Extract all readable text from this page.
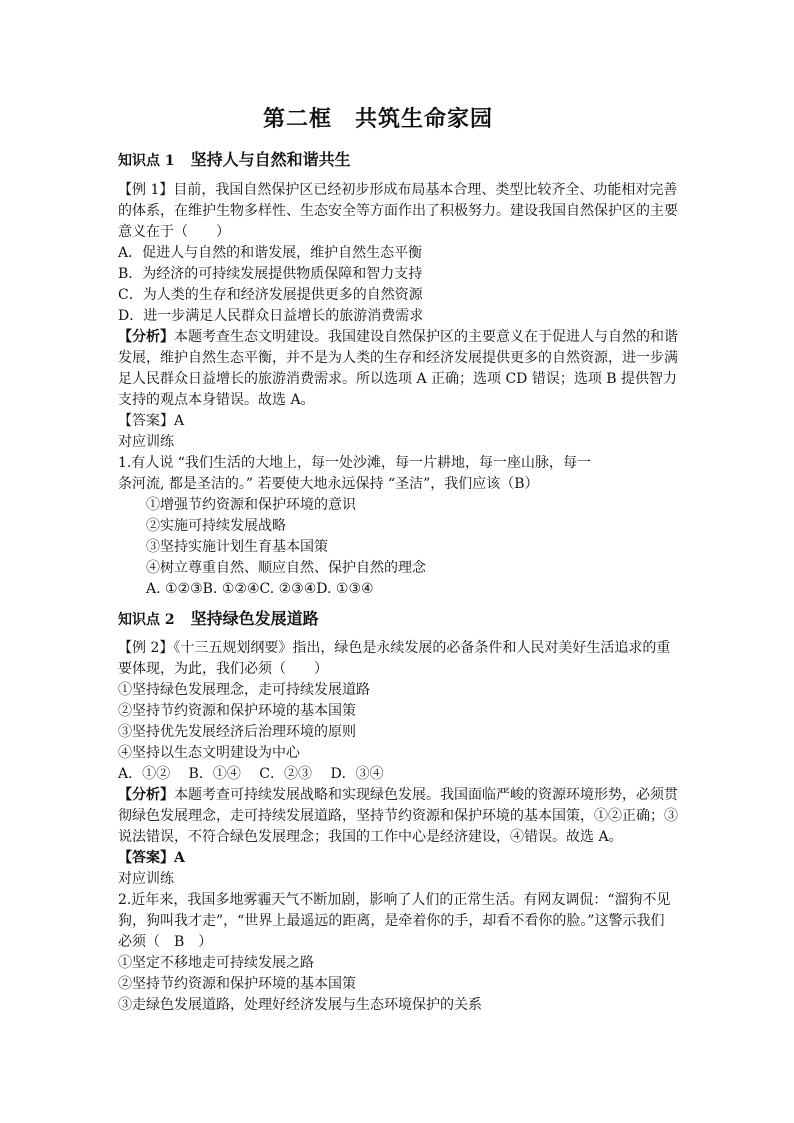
第二框　共筑生命家园
知识点 1　 坚持人与自然和谐共生
【例 1】目前，我国自然保护区已经初步形成布局基本合理、类型比较齐全、功能相对完善
的体系，在维护生物多样性、生态安全等方面作出了积极努力。建设我国自然保护区的主要
意义在于（　　）
A．促进人与自然的和谐发展，维护自然生态平衡
B．为经济的可持续发展提供物质保障和智力支持
C．为人类的生存和经济发展提供更多的自然资源
D．进一步满足人民群众日益增长的旅游消费需求
【分析】本题考查生态文明建设。我国建设自然保护区的主要意义在于促进人与自然的和谐
发展，维护自然生态平衡，并不是为人类的生存和经济发展提供更多的自然资源，进一步满
足人民群众日益增长的旅游消费需求。所以选项 A 正确；选项 CD 错误；选项 B 提供智力
支持的观点本身错误。故选 A。
【答案】A
对应训练
1.有人说 “我们生活的大地上，每一处沙滩，每一片耕地，每一座山脉，每一
条河流, 都是圣洁的。” 若要使大地永远保持 “圣洁”，我们应该（B）
①增强节约资源和保护环境的意识
②实施可持续发展战略
③坚持实施计划生育基本国策
④树立尊重自然、顺应自然、保护自然的理念
A. ①②③B. ①②④C. ②③④D. ①③④
知识点 2　 坚持绿色发展道路
【例 2】《十三五规划纲要》指出，绿色是永续发展的必备条件和人民对美好生活追求的重
要体现，为此，我们必须（　　）
①坚持绿色发展理念，走可持续发展道路
②坚持节约资源和保护环境的基本国策
③坚持优先发展经济后治理环境的原则
④坚持以生态文明建设为中心
A．①②　 B．①④　 C．②③　 D．③④
【分析】本题考查可持续发展战略和实现绿色发展。我国面临严峻的资源环境形势，必须贯
彻绿色发展理念，走可持续发展道路，坚持节约资源和保护环境的基本国策，①②正确；③
说法错误，不符合绿色发展理念；我国的工作中心是经济建设，④错误。故选 A。
【答案】A
对应训练
2.近年来，我国多地雾霾天气不断加剧，影响了人们的正常生活。有网友调侃：“溜狗不见
狗，狗叫我才走”，“世界上最遥远的距离，是牵着你的手，却看不看你的脸。”这警示我们
必须（　B　）
①坚定不移地走可持续发展之路
②坚持节约资源和保护环境的基本国策
③走绿色发展道路，处理好经济发展与生态环境保护的关系
